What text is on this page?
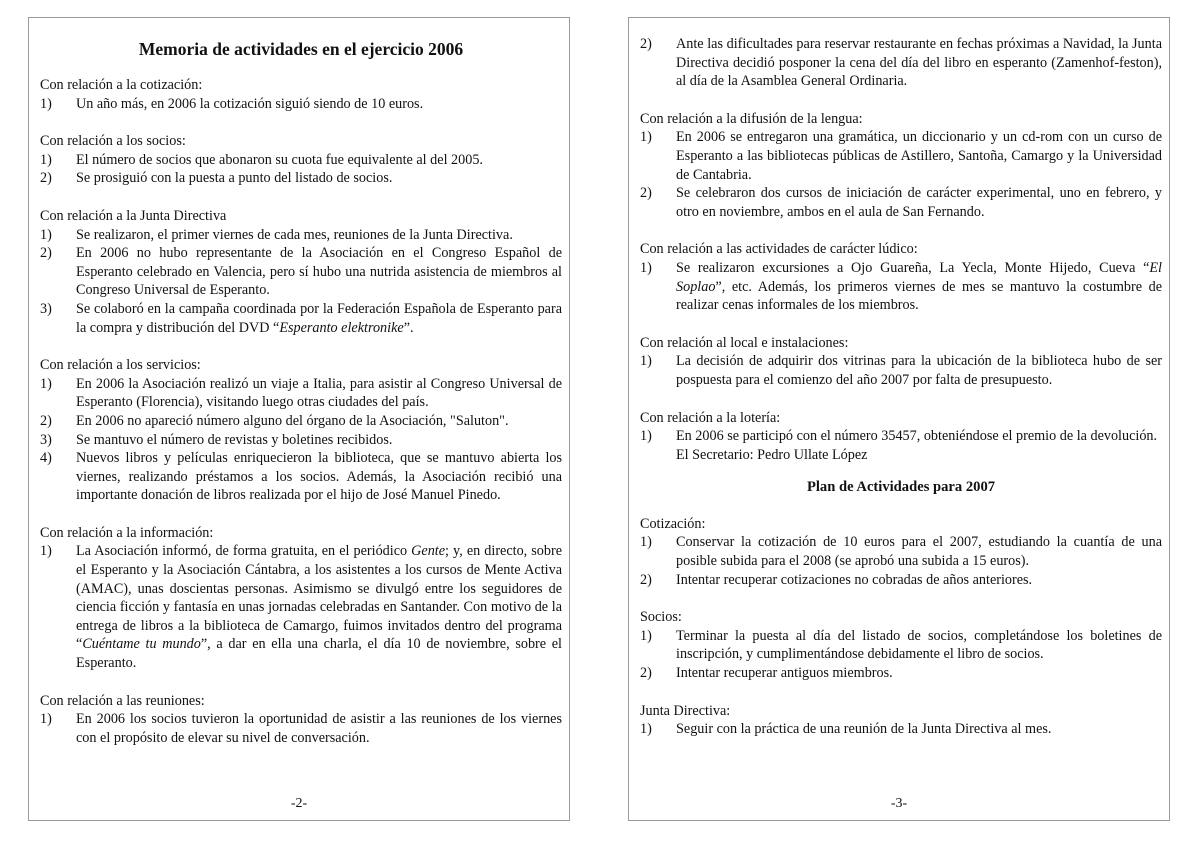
Memoria de actividades en el ejercicio 2006
Con relación a la cotización:
1)	Un año más, en 2006 la cotización siguió siendo de 10 euros.
Con relación a los socios:
1)	El número de socios que abonaron su cuota fue equivalente al del 2005.
2)	Se prosiguió con la puesta a punto del listado de socios.
Con relación a la Junta Directiva
1)	Se realizaron, el primer viernes de cada mes, reuniones de la Junta Directiva.
2)	En 2006 no hubo representante de la Asociación en el Congreso Español de Esperanto celebrado en Valencia, pero sí hubo una nutrida asistencia de miembros al Congreso Universal de Esperanto.
3)	Se colaboró en la campaña coordinada por la Federación Española de Esperanto para la compra y distribución del DVD “Esperanto elektronike”.
Con relación a los servicios:
1)	En 2006 la Asociación realizó un viaje a Italia, para asistir al Congreso Universal de Esperanto (Florencia), visitando luego otras ciudades del país.
2)	En 2006 no apareció número alguno del órgano de la Asociación, "Saluton".
3)	Se mantuvo el número de revistas y boletines recibidos.
4)	Nuevos libros y películas enriquecieron la biblioteca, que se mantuvo abierta los viernes, realizando préstamos a los socios. Además, la Asociación recibió una importante donación de libros realizada por el hijo de José Manuel Pinedo.
Con relación a la información:
1)	La Asociación informó, de forma gratuita, en el periódico Gente; y, en directo, sobre el Esperanto y la Asociación Cántabra, a los asistentes a los cursos de Mente Activa (AMAC), unas doscientas personas. Asimismo se divulgó entre los seguidores de ciencia ficción y fantasía en unas jornadas celebradas en Santander. Con motivo de la entrega de libros a la biblioteca de Camargo, fuimos invitados dentro del programa “Cuéntame tu mundo”, a dar en ella una charla, el día 10 de noviembre, sobre el Esperanto.
Con relación a las reuniones:
1)	En 2006 los socios tuvieron la oportunidad de asistir a las reuniones de los viernes con el propósito de elevar su nivel de conversación.
-2-
2)	Ante las dificultades para reservar restaurante en fechas próximas a Navidad, la Junta Directiva decidió posponer la cena del día del libro en esperanto (Zamenhof-feston), al día de la Asamblea General Ordinaria.
Con relación a la difusión de la lengua:
1)	En 2006 se entregaron una gramática, un diccionario y un cd-rom con un curso de Esperanto a las bibliotecas públicas de Astillero, Santoña, Camargo y la Universidad de Cantabria.
2)	Se celebraron dos cursos de iniciación de carácter experimental, uno en febrero, y otro en noviembre, ambos en el aula de San Fernando.
Con relación a las actividades de carácter lúdico:
1)	Se realizaron excursiones a Ojo Guareña, La Yecla, Monte Hijedo, Cueva “El Soplao”, etc. Además, los primeros viernes de mes se mantuvo la costumbre de realizar cenas informales de los miembros.
Con relación al local e instalaciones:
1)	La decisión de adquirir dos vitrinas para la ubicación de la biblioteca hubo de ser pospuesta para el comienzo del año 2007 por falta de presupuesto.
Con relación a la lotería:
1)	En 2006 se participó con el número 35457, obteniéndose el premio de la devolución.
El Secretario: Pedro Ullate López
Plan de Actividades para 2007
Cotización:
1)	Conservar la cotización de 10 euros para el 2007, estudiando la cuantía de una posible subida para el 2008 (se aprobó una subida a 15 euros).
2)	Intentar recuperar cotizaciones no cobradas de años anteriores.
Socios:
1)	Terminar la puesta al día del listado de socios, completándose los boletines de inscripción, y cumplimentándose debidamente el libro de socios.
2)	Intentar recuperar antiguos miembros.
Junta Directiva:
1)	Seguir con la práctica de una reunión de la Junta Directiva al mes.
-3-
